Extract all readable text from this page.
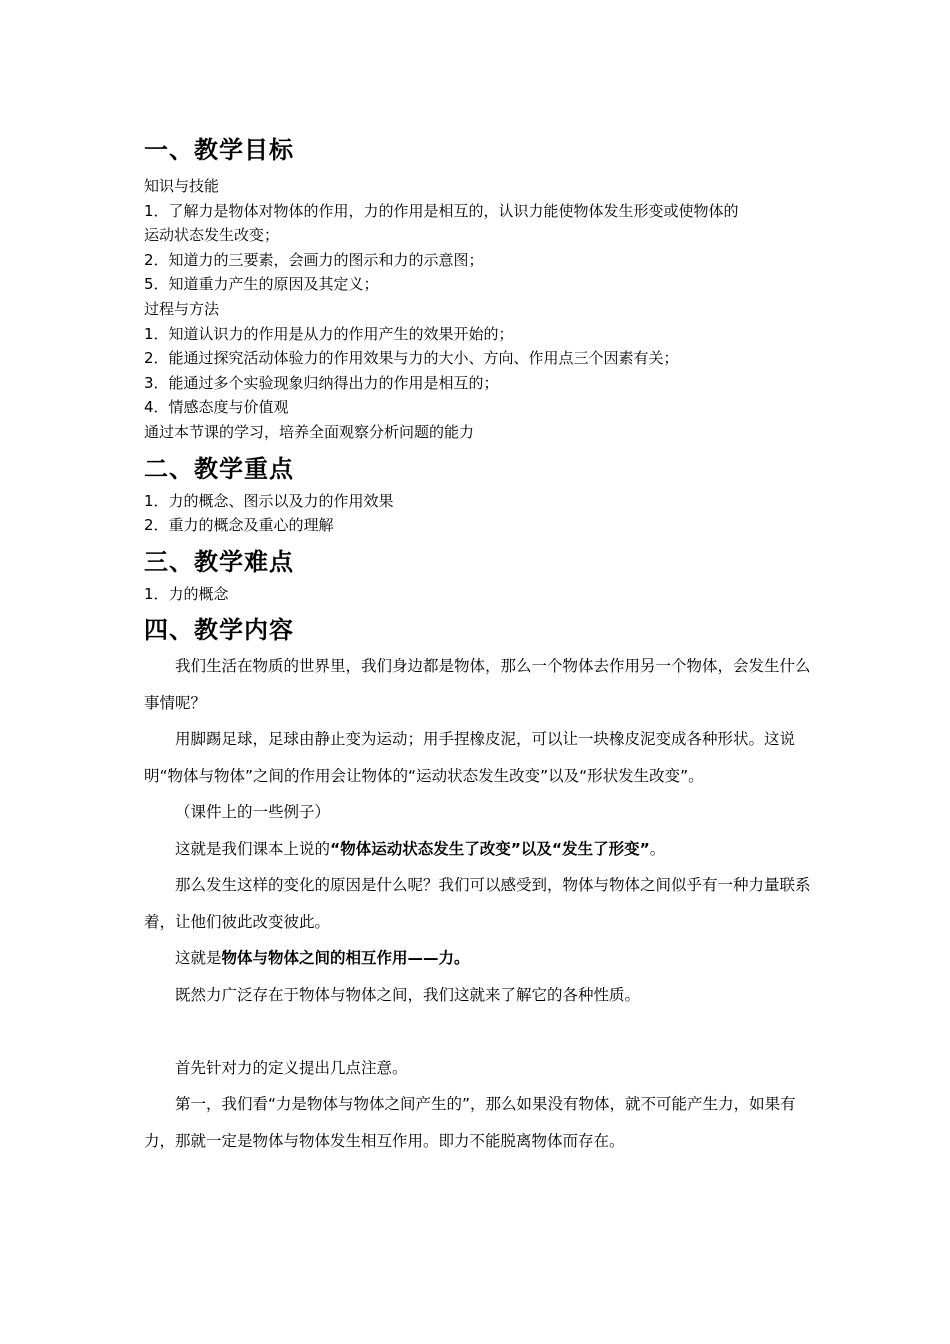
一、教学目标

知识与技能

1．了解力是物体对物体的作用，力的作用是相互的，认识力能使物体发生形变或使物体的

运动状态发生改变；

2．知道力的三要素，会画力的图示和力的示意图；

5．知道重力产生的原因及其定义；

过程与方法

1．知道认识力的作用是从力的作用产生的效果开始的；

2．能通过探究活动体验力的作用效果与力的大小、方向、作用点三个因素有关；

3．能通过多个实验现象归纳得出力的作用是相互的；

4．情感态度与价值观

通过本节课的学习，培养全面观察分析问题的能力

二、教学重点

1．力的概念、图示以及力的作用效果

2．重力的概念及重心的理解

三、教学难点

1．力的概念

四、教学内容

我们生活在物质的世界里，我们身边都是物体，那么一个物体去作用另一个物体，会发生什么事情呢？

用脚踢足球，足球由静止变为运动；用手捏橡皮泥，可以让一块橡皮泥变成各种形状。这说明“物体与物体”之间的作用会让物体的“运动状态发生改变”以及“形状发生改变”。

（课件上的一些例子）

这就是我们课本上说的“物体运动状态发生了改变”以及“发生了形变”。

那么发生这样的变化的原因是什么呢？我们可以感受到，物体与物体之间似乎有一种力量联系着，让他们彼此改变彼此。

这就是物体与物体之间的相互作用——力。

既然力广泛存在于物体与物体之间，我们这就来了解它的各种性质。

首先针对力的定义提出几点注意。

第一，我们看“力是物体与物体之间产生的”，那么如果没有物体，就不可能产生力，如果有力，那就一定是物体与物体发生相互作用。即力不能脱离物体而存在。
